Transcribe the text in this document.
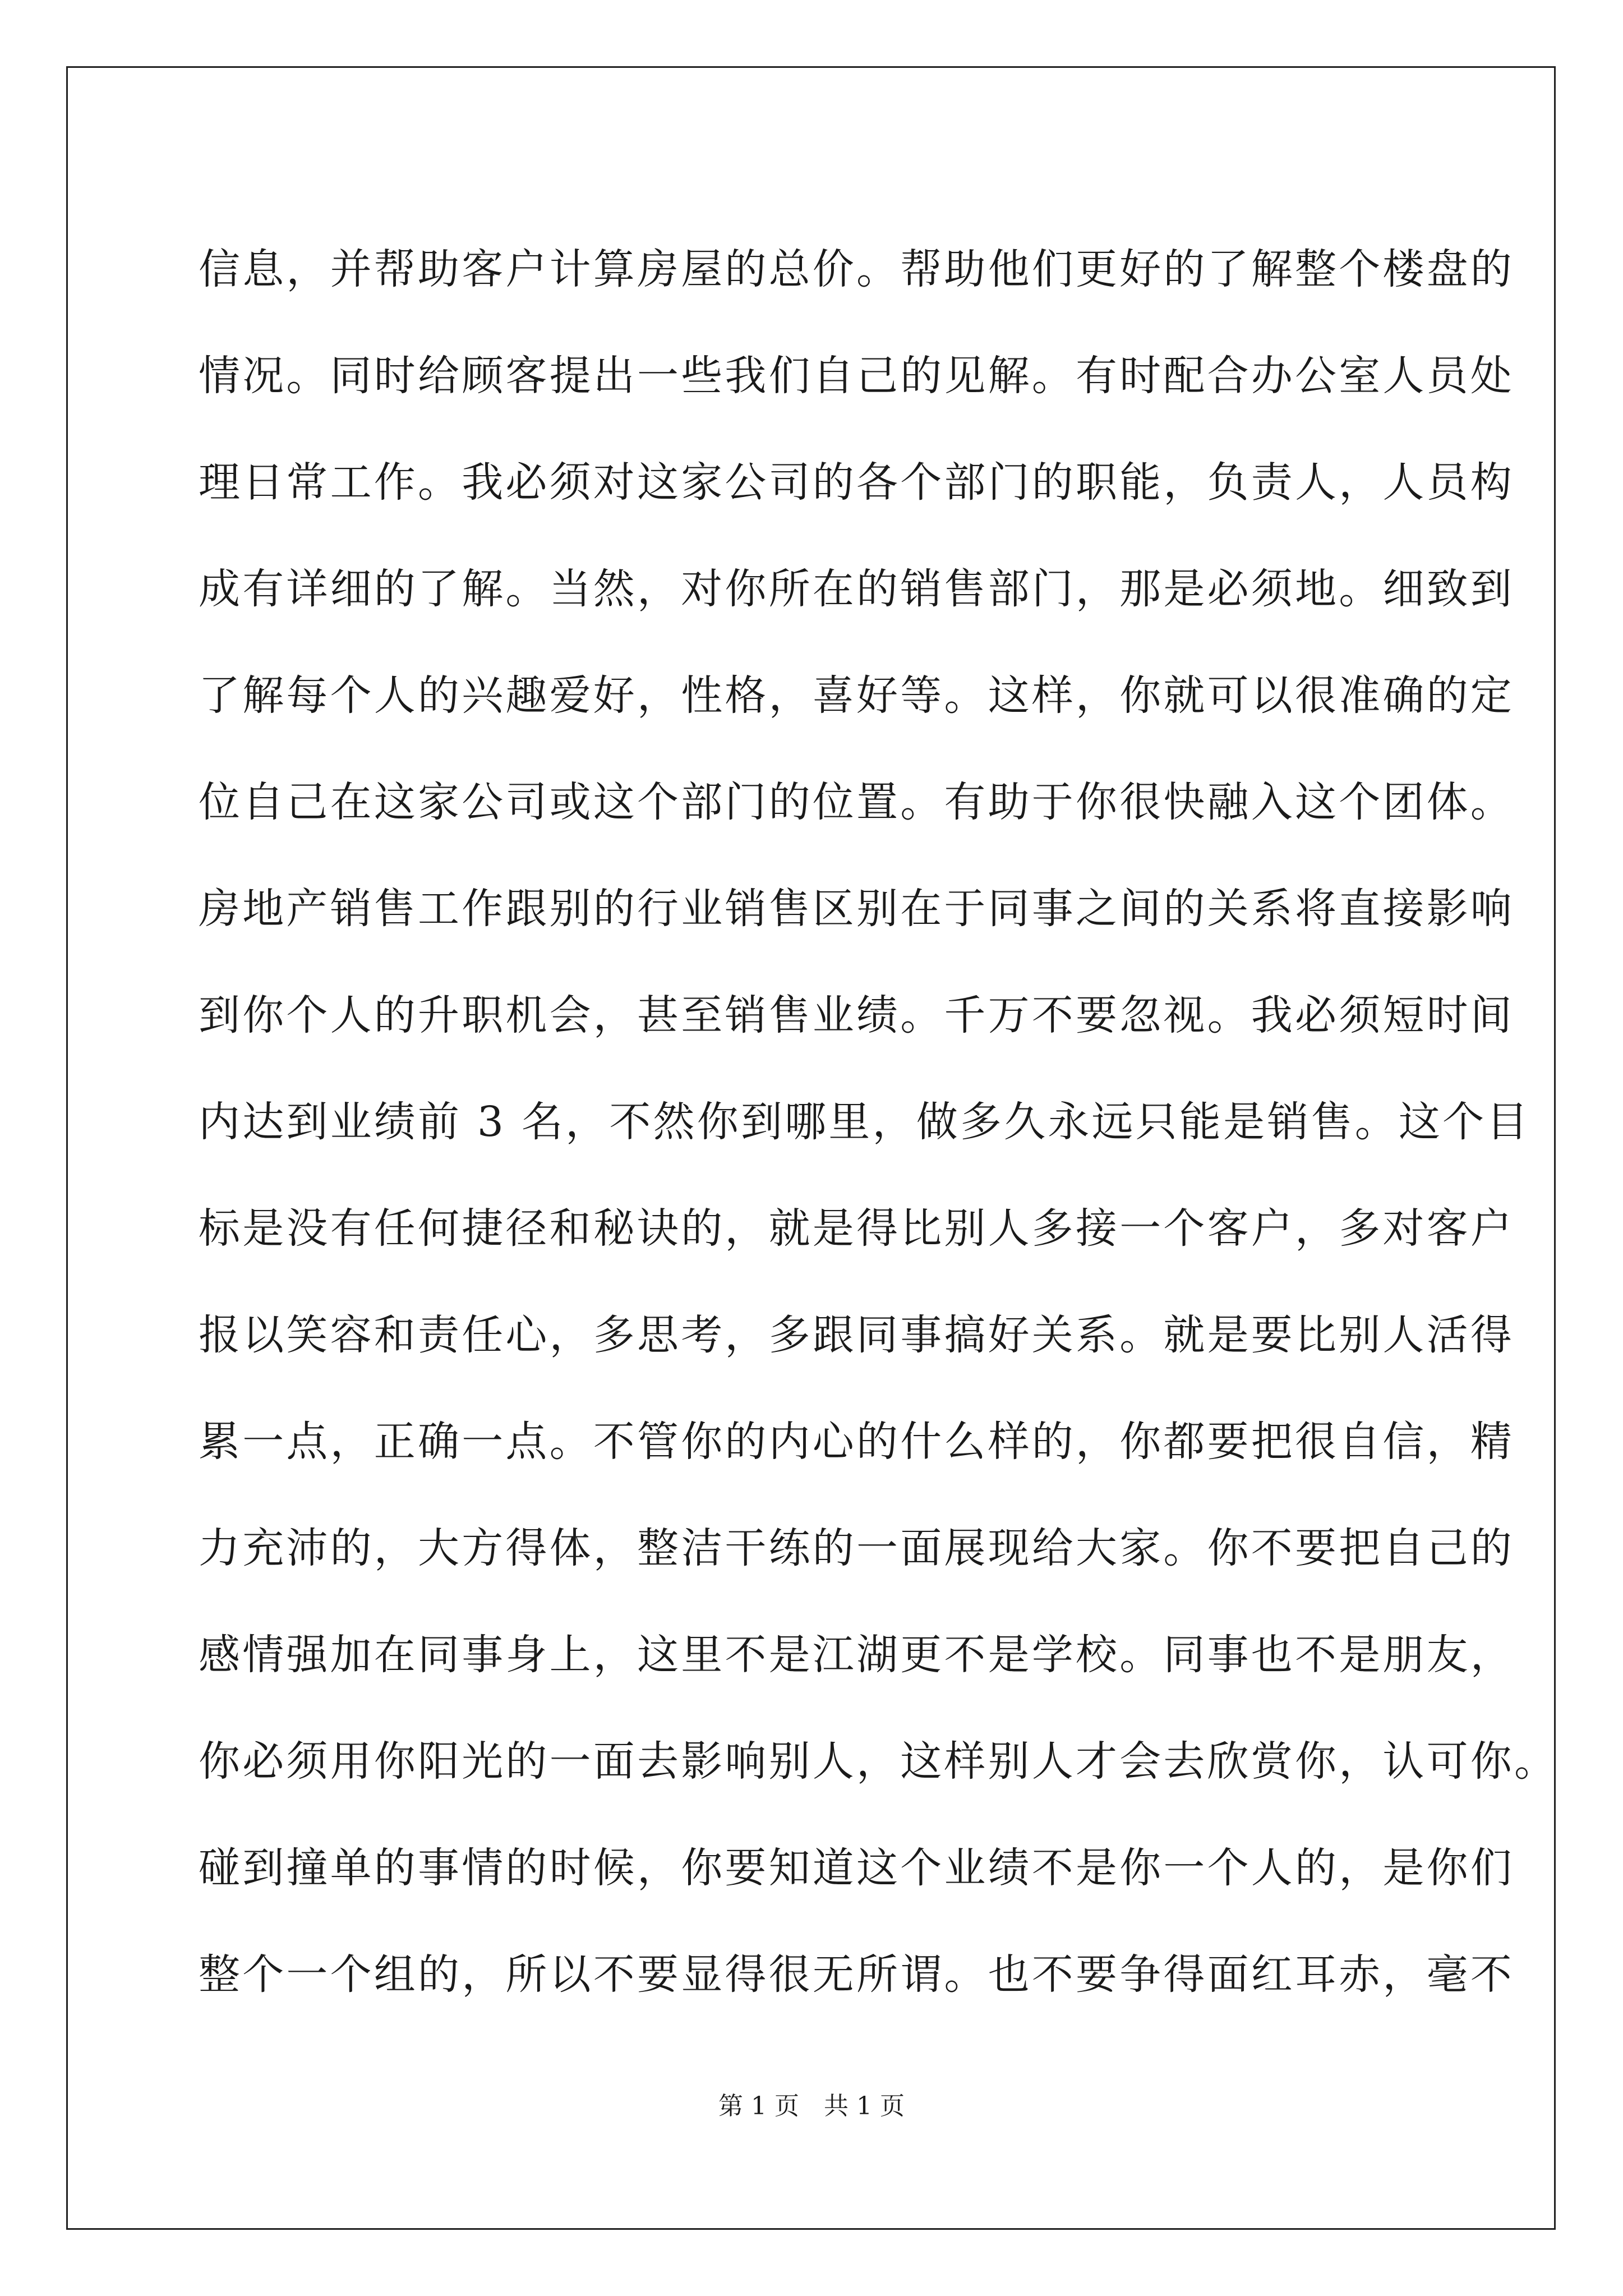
信息，并帮助客户计算房屋的总价。帮助他们更好的了解整个楼盘的
情况。同时给顾客提出一些我们自己的见解。有时配合办公室人员处
理日常工作。我必须对这家公司的各个部门的职能，负责人，人员构
成有详细的了解。当然，对你所在的销售部门，那是必须地。细致到
了解每个人的兴趣爱好，性格，喜好等。这样，你就可以很准确的定
位自己在这家公司或这个部门的位置。有助于你很快融入这个团体。
房地产销售工作跟别的行业销售区别在于同事之间的关系将直接影响
到你个人的升职机会，甚至销售业绩。千万不要忽视。我必须短时间
内达到业绩前 3 名，不然你到哪里，做多久永远只能是销售。这个目
标是没有任何捷径和秘诀的，就是得比别人多接一个客户，多对客户
报以笑容和责任心，多思考，多跟同事搞好关系。就是要比别人活得
累一点，正确一点。不管你的内心的什么样的，你都要把很自信，精
力充沛的，大方得体，整洁干练的一面展现给大家。你不要把自己的
感情强加在同事身上，这里不是江湖更不是学校。同事也不是朋友，
你必须用你阳光的一面去影响别人，这样别人才会去欣赏你，认可你。
碰到撞单的事情的时候，你要知道这个业绩不是你一个人的，是你们
整个一个组的，所以不要显得很无所谓。也不要争得面红耳赤，毫不
第 1 页　共 1 页
